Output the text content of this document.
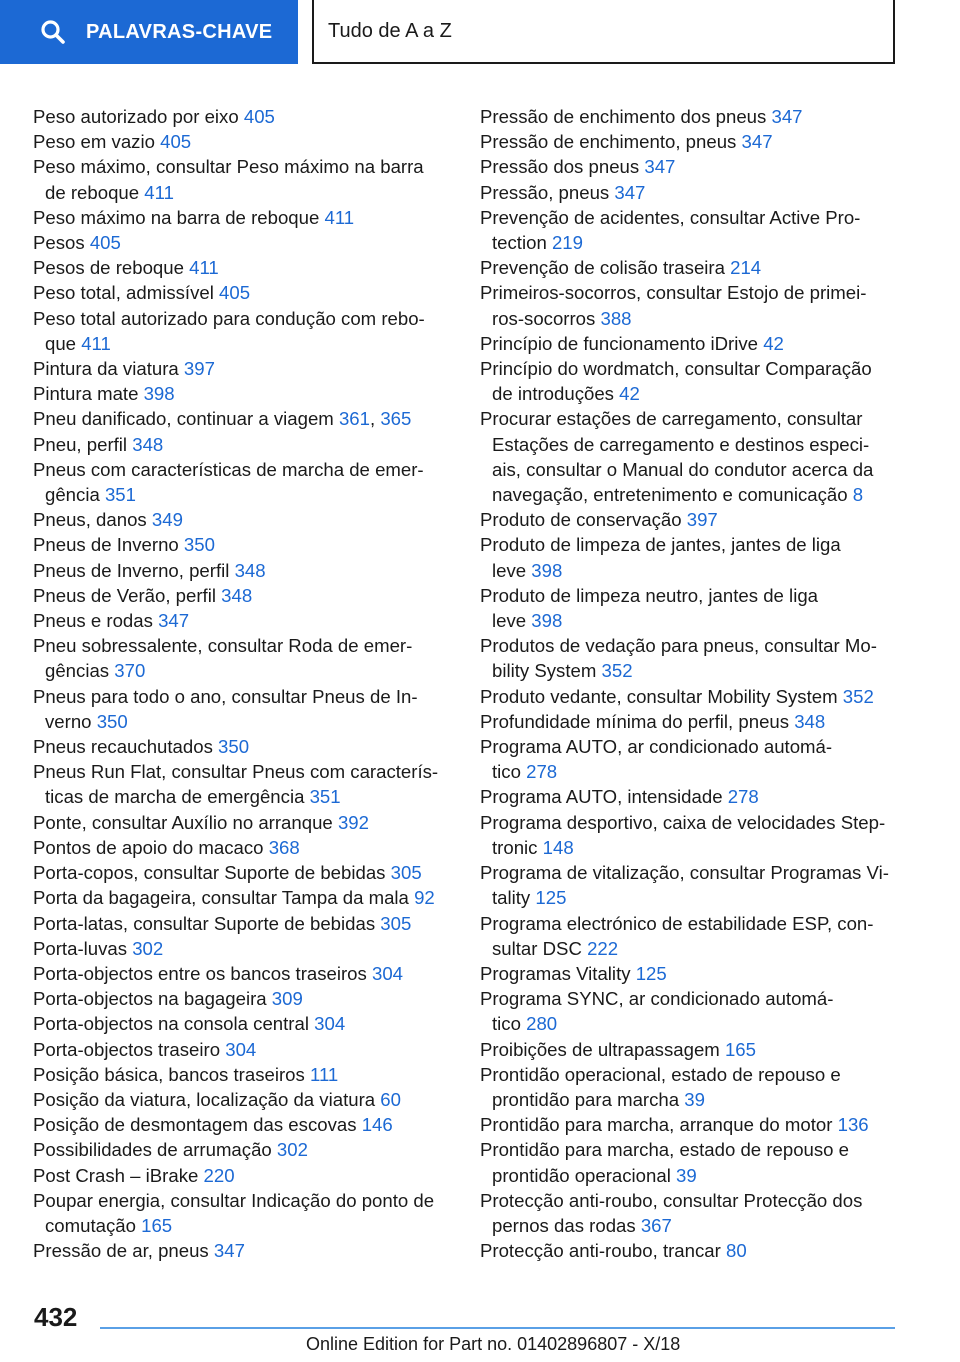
PALAVRAS-CHAVE	Tudo de A a Z
Peso autorizado por eixo 405
Peso em vazio 405
Peso máximo, consultar Peso máximo na barra
de reboque 411
Peso máximo na barra de reboque 411
Pesos 405
Pesos de reboque 411
Peso total, admissível 405
Peso total autorizado para condução com rebo-
que 411
Pintura da viatura 397
Pintura mate 398
Pneu danificado, continuar a viagem 361, 365
Pneu, perfil 348
Pneus com características de marcha de emer-
gência 351
Pneus, danos 349
Pneus de Inverno 350
Pneus de Inverno, perfil 348
Pneus de Verão, perfil 348
Pneus e rodas 347
Pneu sobressalente, consultar Roda de emer-
gências 370
Pneus para todo o ano, consultar Pneus de In-
verno 350
Pneus recauchutados 350
Pneus Run Flat, consultar Pneus com caracterís-
ticas de marcha de emergência 351
Ponte, consultar Auxílio no arranque 392
Pontos de apoio do macaco 368
Porta-copos, consultar Suporte de bebidas 305
Porta da bagageira, consultar Tampa da mala 92
Porta-latas, consultar Suporte de bebidas 305
Porta-luvas 302
Porta-objectos entre os bancos traseiros 304
Porta-objectos na bagageira 309
Porta-objectos na consola central 304
Porta-objectos traseiro 304
Posição básica, bancos traseiros 111
Posição da viatura, localização da viatura 60
Posição de desmontagem das escovas 146
Possibilidades de arrumação 302
Post Crash – iBrake 220
Poupar energia, consultar Indicação do ponto de
comutação 165
Pressão de ar, pneus 347
Pressão de enchimento dos pneus 347
Pressão de enchimento, pneus 347
Pressão dos pneus 347
Pressão, pneus 347
Prevenção de acidentes, consultar Active Pro-
tection 219
Prevenção de colisão traseira 214
Primeiros-socorros, consultar Estojo de primei-
ros-socorros 388
Princípio de funcionamento iDrive 42
Princípio do wordmatch, consultar Comparação
de introduções 42
Procurar estações de carregamento, consultar
Estações de carregamento e destinos especi-
ais, consultar o Manual do condutor acerca da
navegação, entretenimento e comunicação 8
Produto de conservação 397
Produto de limpeza de jantes, jantes de liga
leve 398
Produto de limpeza neutro, jantes de liga
leve 398
Produtos de vedação para pneus, consultar Mo-
bility System 352
Produto vedante, consultar Mobility System 352
Profundidade mínima do perfil, pneus 348
Programa AUTO, ar condicionado automá-
tico 278
Programa AUTO, intensidade 278
Programa desportivo, caixa de velocidades Step-
tronic 148
Programa de vitalização, consultar Programas Vi-
tality 125
Programa electrónico de estabilidade ESP, con-
sultar DSC 222
Programas Vitality 125
Programa SYNC, ar condicionado automá-
tico 280
Proibições de ultrapassagem 165
Prontidão operacional, estado de repouso e
prontidão para marcha 39
Prontidão para marcha, arranque do motor 136
Prontidão para marcha, estado de repouso e
prontidão operacional 39
Protecção anti-roubo, consultar Protecção dos
pernos das rodas 367
Protecção anti-roubo, trancar 80
432
Online Edition for Part no. 01402896807 - X/18
